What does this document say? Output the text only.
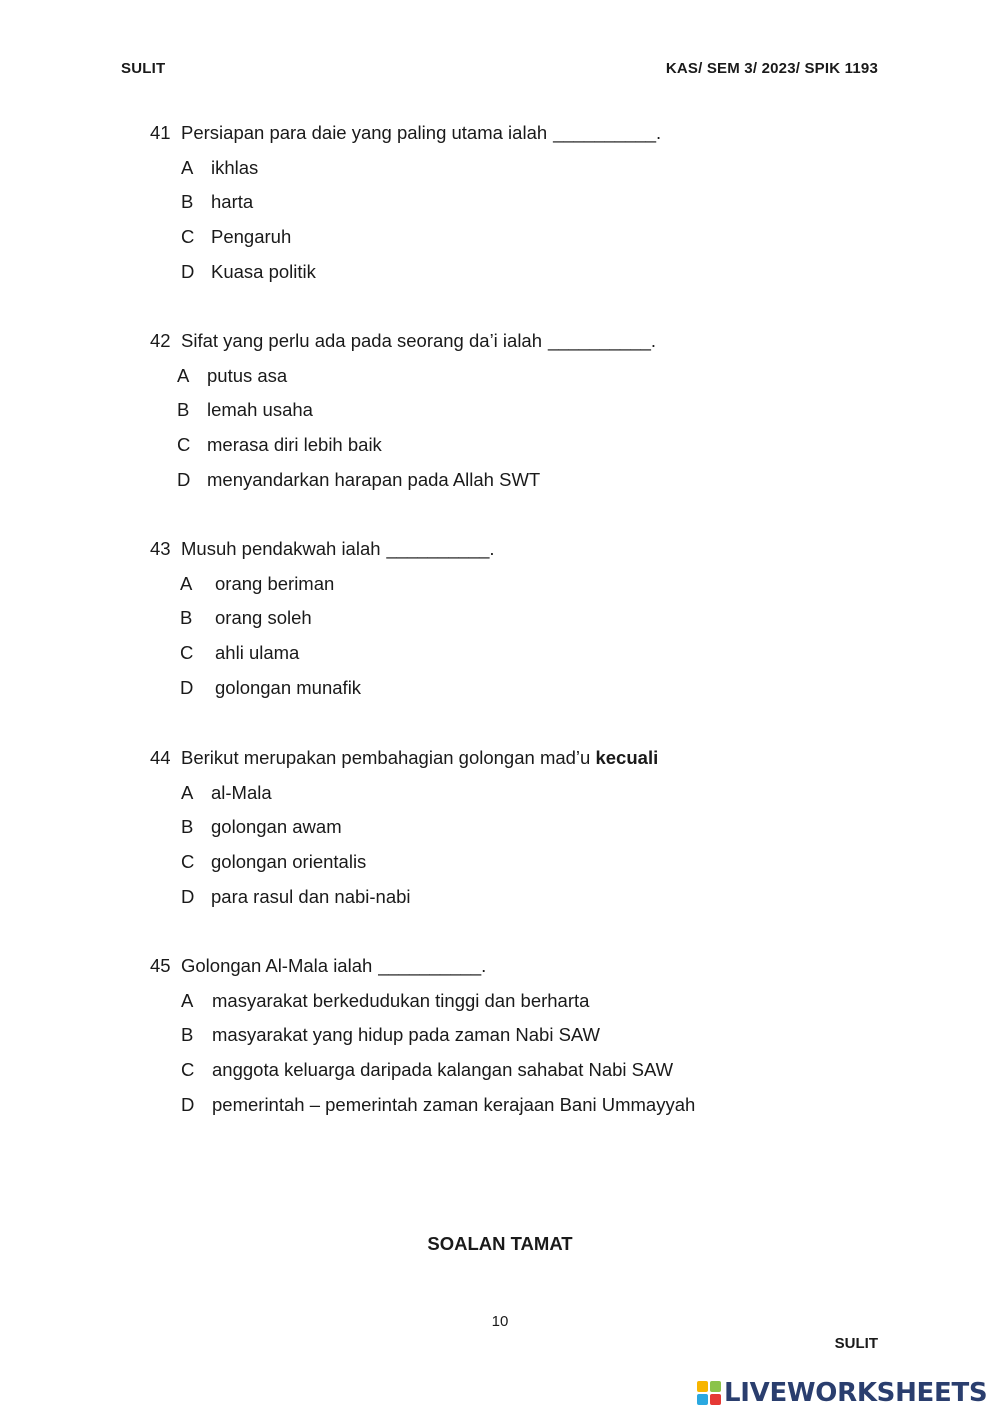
SULIT	KAS/ SEM 3/ 2023/ SPIK 1193
41 Persiapan para daie yang paling utama ialah __________.
A ikhlas
B harta
C Pengaruh
D Kuasa politik
42 Sifat yang perlu ada pada seorang da’i ialah __________.
A putus asa
B lemah usaha
C merasa diri lebih baik
D menyandarkan harapan pada Allah SWT
43 Musuh pendakwah ialah __________.
A orang beriman
B orang soleh
C ahli ulama
D golongan munafik
44 Berikut merupakan pembahagian golongan mad’u kecuali
A al-Mala
B golongan awam
C golongan orientalis
D para rasul dan nabi-nabi
45 Golongan Al-Mala ialah __________.
A masyarakat berkedudukan tinggi dan berharta
B masyarakat yang hidup pada zaman Nabi SAW
C anggota keluarga daripada kalangan sahabat Nabi SAW
D pemerintah – pemerintah zaman kerajaan Bani Ummayyah
SOALAN TAMAT
10
SULIT
LIVEWORKSHEETS
